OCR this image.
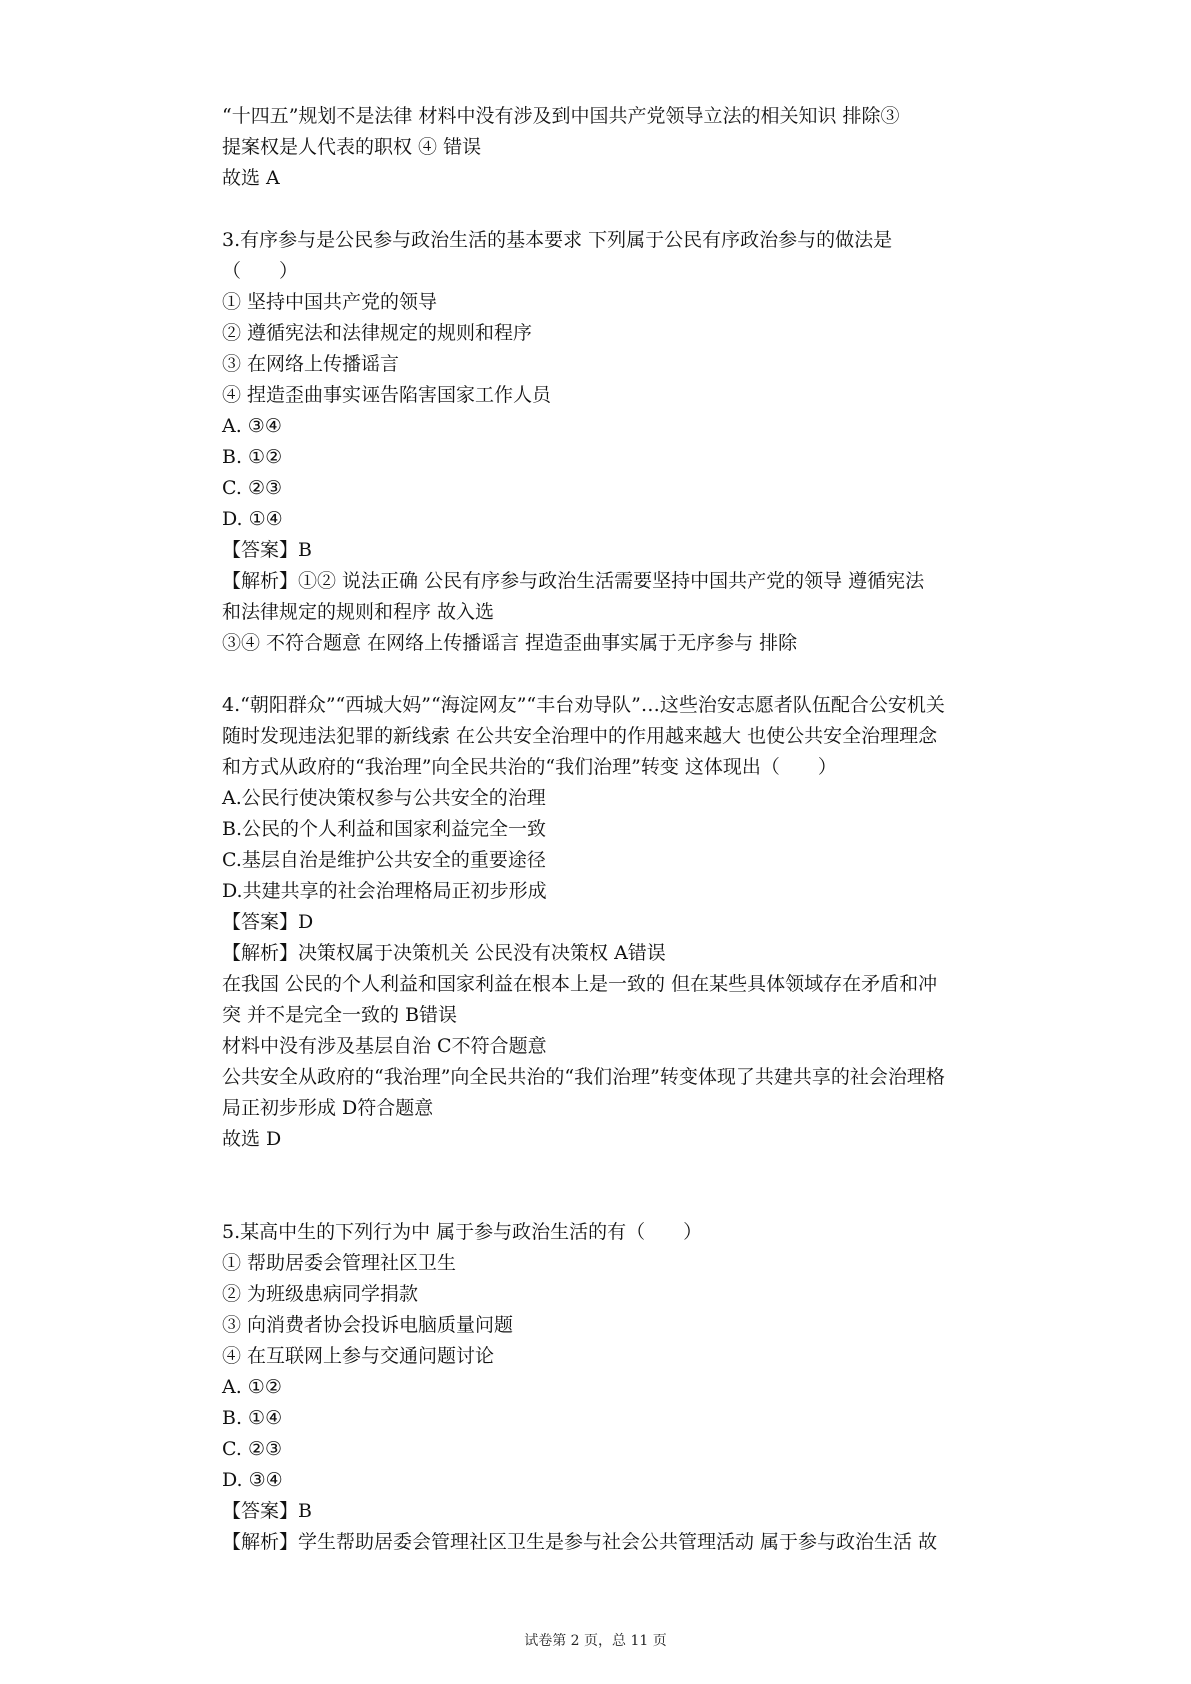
“十四五”规划不是法律 材料中没有涉及到中国共产党领导立法的相关知识 排除③
提案权是人代表的职权 ④ 错误
故选 A
3.有序参与是公民参与政治生活的基本要求 下列属于公民有序政治参与的做法是
（　　）
① 坚持中国共产党的领导
② 遵循宪法和法律规定的规则和程序
③ 在网络上传播谣言
④ 捏造歪曲事实诬告陷害国家工作人员
A. ③④
B. ①②
C. ②③
D. ①④
【答案】B
【解析】①② 说法正确 公民有序参与政治生活需要坚持中国共产党的领导 遵循宪法
和法律规定的规则和程序 故入选
③④ 不符合题意 在网络上传播谣言 捏造歪曲事实属于无序参与 排除
4.“朝阳群众”“西城大妈”“海淀网友”“丰台劝导队”…这些治安志愿者队伍配合公安机关
随时发现违法犯罪的新线索 在公共安全治理中的作用越来越大 也使公共安全治理理念
和方式从政府的“我治理”向全民共治的“我们治理”转变 这体现出（　　）
A.公民行使决策权参与公共安全的治理
B.公民的个人利益和国家利益完全一致
C.基层自治是维护公共安全的重要途径
D.共建共享的社会治理格局正初步形成
【答案】D
【解析】决策权属于决策机关 公民没有决策权 A错误
在我国 公民的个人利益和国家利益在根本上是一致的 但在某些具体领域存在矛盾和冲
突 并不是完全一致的 B错误
材料中没有涉及基层自治 C不符合题意
公共安全从政府的“我治理”向全民共治的“我们治理”转变体现了共建共享的社会治理格
局正初步形成 D符合题意
故选 D
5.某高中生的下列行为中 属于参与政治生活的有（　　）
① 帮助居委会管理社区卫生
② 为班级患病同学捐款
③ 向消费者协会投诉电脑质量问题
④ 在互联网上参与交通问题讨论
A. ①②
B. ①④
C. ②③
D. ③④
【答案】B
【解析】学生帮助居委会管理社区卫生是参与社会公共管理活动 属于参与政治生活 故
试卷第 2 页，总 11 页
